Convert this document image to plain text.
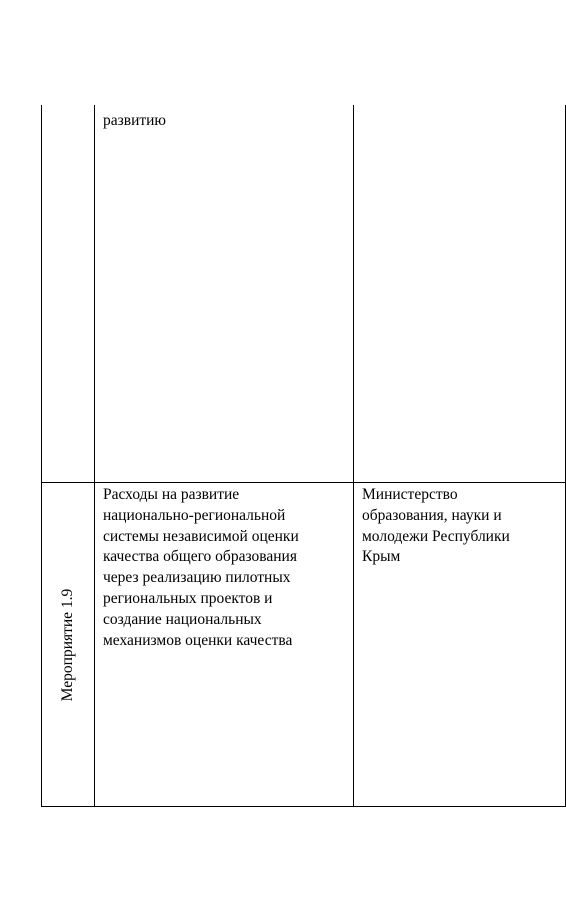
развитию
Мероприятие 1.9
Расходы на развитие
национально-региональной
системы независимой оценки
качества общего образования
через реализацию пилотных
региональных проектов и
создание национальных
механизмов оценки качества
Министерство
образования, науки и
молодежи Республики
Крым
